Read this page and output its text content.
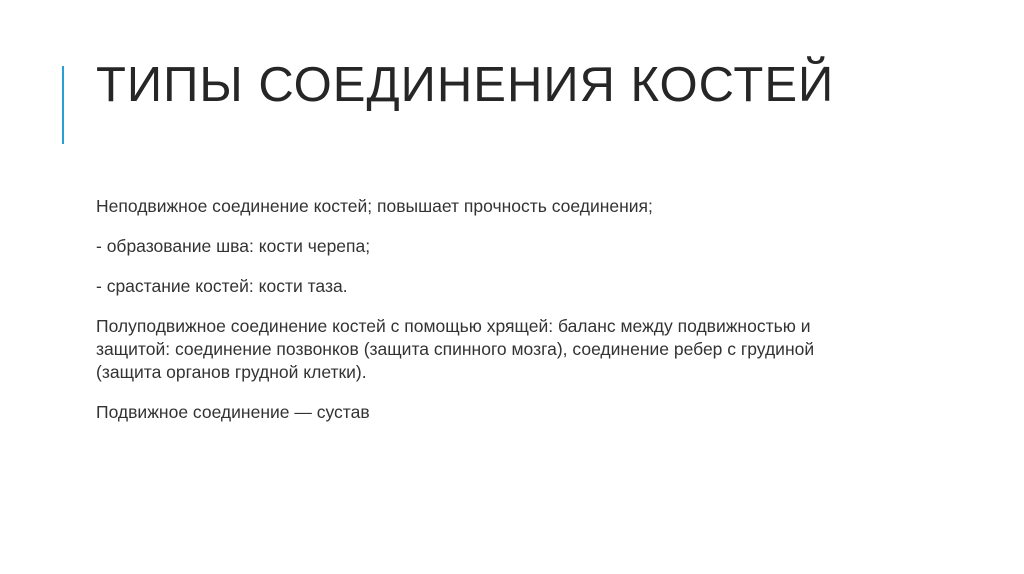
ТИПЫ СОЕДИНЕНИЯ КОСТЕЙ

Неподвижное соединение костей; повышает прочность соединения;

- образование шва: кости черепа;

- срастание костей: кости таза.

Полуподвижное соединение костей с помощью хрящей: баланс между подвижностью и защитой: соединение позвонков (защита спинного мозга), соединение ребер с грудиной (защита органов грудной клетки).

Подвижное соединение — сустав
